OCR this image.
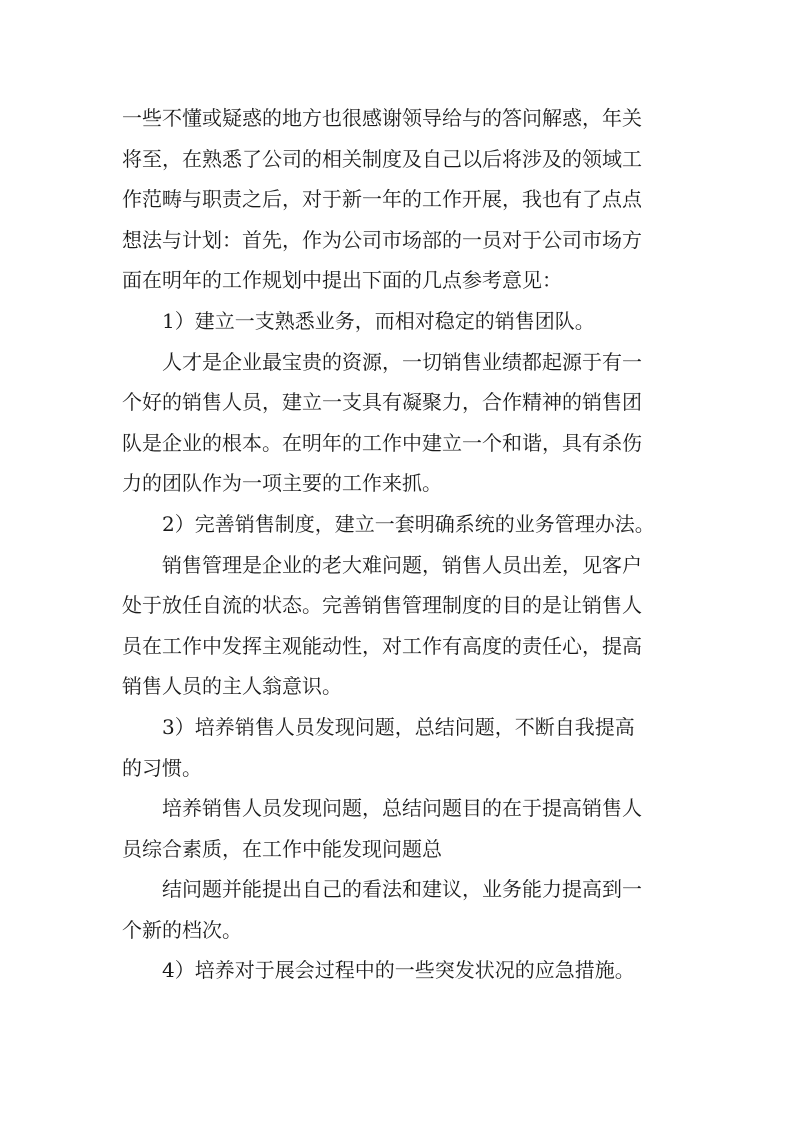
一些不懂或疑惑的地方也很感谢领导给与的答问解惑，年关
将至，在熟悉了公司的相关制度及自己以后将涉及的领域工
作范畴与职责之后，对于新一年的工作开展，我也有了点点
想法与计划：首先，作为公司市场部的一员对于公司市场方
面在明年的工作规划中提出下面的几点参考意见：
1）建立一支熟悉业务，而相对稳定的销售团队。
人才是企业最宝贵的资源，一切销售业绩都起源于有一
个好的销售人员，建立一支具有凝聚力，合作精神的销售团
队是企业的根本。在明年的工作中建立一个和谐，具有杀伤
力的团队作为一项主要的工作来抓。
2）完善销售制度，建立一套明确系统的业务管理办法。
销售管理是企业的老大难问题，销售人员出差，见客户
处于放任自流的状态。完善销售管理制度的目的是让销售人
员在工作中发挥主观能动性，对工作有高度的责任心，提高
销售人员的主人翁意识。
3）培养销售人员发现问题，总结问题，不断自我提高
的习惯。
培养销售人员发现问题，总结问题目的在于提高销售人
员综合素质，在工作中能发现问题总
结问题并能提出自己的看法和建议，业务能力提高到一
个新的档次。
4）培养对于展会过程中的一些突发状况的应急措施。
